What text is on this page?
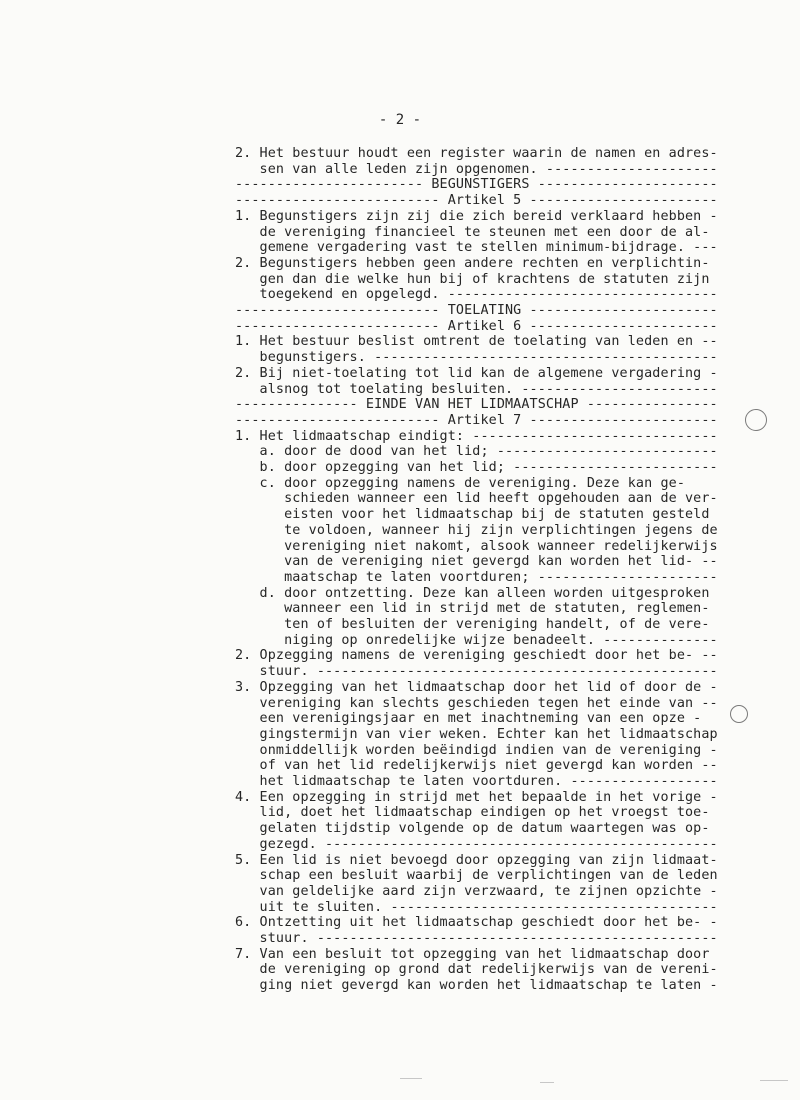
- 2 -
2. Het bestuur houdt een register waarin de namen en adres-
sen van alle leden zijn opgenomen. ---------------------
----------------------- BEGUNSTIGERS ----------------------
------------------------- Artikel 5 -----------------------
1. Begunstigers zijn zij die zich bereid verklaard hebben -
de vereniging financieel te steunen met een door de al-
gemene vergadering vast te stellen minimum-bijdrage. ---
2. Begunstigers hebben geen andere rechten en verplichtin-
gen dan die welke hun bij of krachtens de statuten zijn
toegekend en opgelegd. ---------------------------------
------------------------- TOELATING -----------------------
------------------------- Artikel 6 -----------------------
1. Het bestuur beslist omtrent de toelating van leden en --
begunstigers. ------------------------------------------
2. Bij niet-toelating tot lid kan de algemene vergadering -
alsnog tot toelating besluiten. ------------------------
--------------- EINDE VAN HET LIDMAATSCHAP ----------------
------------------------- Artikel 7 -----------------------
1. Het lidmaatschap eindigt: ------------------------------
a. door de dood van het lid; ---------------------------
b. door opzegging van het lid; -------------------------
c. door opzegging namens de vereniging. Deze kan ge-
schieden wanneer een lid heeft opgehouden aan de ver-
eisten voor het lidmaatschap bij de statuten gesteld
te voldoen, wanneer hij zijn verplichtingen jegens de
vereniging niet nakomt, alsook wanneer redelijkerwijs
van de vereniging niet gevergd kan worden het lid- --
maatschap te laten voortduren; ----------------------
d. door ontzetting. Deze kan alleen worden uitgesproken
wanneer een lid in strijd met de statuten, reglemen-
ten of besluiten der vereniging handelt, of de vere-
niging op onredelijke wijze benadeelt. --------------
2. Opzegging namens de vereniging geschiedt door het be- --
stuur. -------------------------------------------------
3. Opzegging van het lidmaatschap door het lid of door de -
vereniging kan slechts geschieden tegen het einde van --
een verenigingsjaar en met inachtneming van een opze -
gingstermijn van vier weken. Echter kan het lidmaatschap
onmiddellijk worden beëindigd indien van de vereniging -
of van het lid redelijkerwijs niet gevergd kan worden --
het lidmaatschap te laten voortduren. ------------------
4. Een opzegging in strijd met het bepaalde in het vorige -
lid, doet het lidmaatschap eindigen op het vroegst toe-
gelaten tijdstip volgende op de datum waartegen was op-
gezegd. ------------------------------------------------
5. Een lid is niet bevoegd door opzegging van zijn lidmaat-
schap een besluit waarbij de verplichtingen van de leden
van geldelijke aard zijn verzwaard, te zijnen opzichte -
uit te sluiten. ----------------------------------------
6. Ontzetting uit het lidmaatschap geschiedt door het be- -
stuur. -------------------------------------------------
7. Van een besluit tot opzegging van het lidmaatschap door
de vereniging op grond dat redelijkerwijs van de vereni-
ging niet gevergd kan worden het lidmaatschap te laten -
